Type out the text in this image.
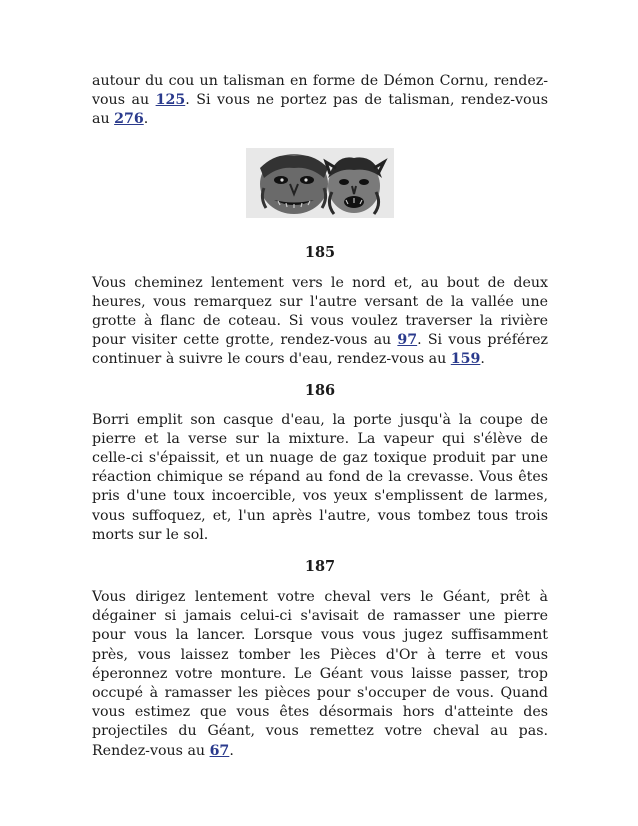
autour du cou un talisman en forme de Démon Cornu, rendez-vous au 125. Si vous ne portez pas de talisman, rendez-vous au 276.

185

Vous cheminez lentement vers le nord et, au bout de deux heures, vous remarquez sur l'autre versant de la vallée une grotte à flanc de coteau. Si vous voulez traverser la rivière pour visiter cette grotte, rendez-vous au 97. Si vous préférez continuer à suivre le cours d'eau, rendez-vous au 159.

186

Borri emplit son casque d'eau, la porte jusqu'à la coupe de pierre et la verse sur la mixture. La vapeur qui s'élève de celle-ci s'épaissit, et un nuage de gaz toxique produit par une réaction chimique se répand au fond de la crevasse. Vous êtes pris d'une toux incoercible, vos yeux s'emplissent de larmes, vous suffoquez, et, l'un après l'autre, vous tombez tous trois morts sur le sol.

187

Vous dirigez lentement votre cheval vers le Géant, prêt à dégainer si jamais celui-ci s'avisait de ramasser une pierre pour vous la lancer. Lorsque vous vous jugez suffisamment près, vous laissez tomber les Pièces d'Or à terre et vous éperonnez votre monture. Le Géant vous laisse passer, trop occupé à ramasser les pièces pour s'occuper de vous. Quand vous estimez que vous êtes désormais hors d'atteinte des projectiles du Géant, vous remettez votre cheval au pas. Rendez-vous au 67.
